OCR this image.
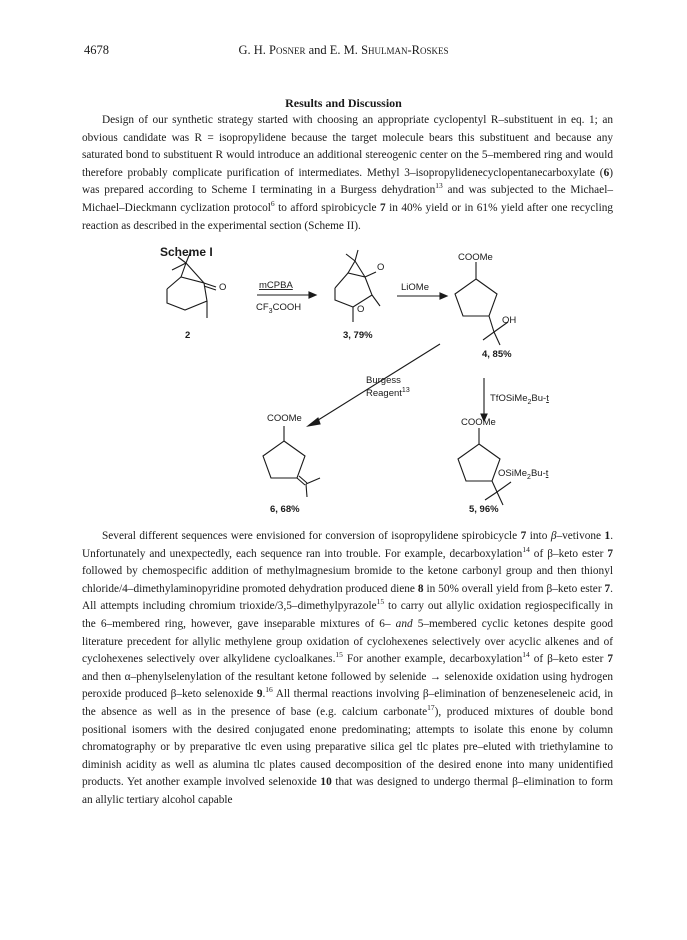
4678	G. H. Posner and E. M. Shulman-Roskes
Results and Discussion

Design of our synthetic strategy started with choosing an appropriate cyclopentyl R–substituent in eq. 1; an obvious candidate was R = isopropylidene because the target molecule bears this substituent and because any saturated bond to substituent R would introduce an additional stereogenic center on the 5–membered ring and would therefore probably complicate purification of intermediates. Methyl 3–isopropylidenecyclopentanecarboxylate (6) was prepared according to Scheme I terminating in a Burgess dehydration$^{13}$ and was subjected to the Michael–Michael–Dieckmann cyclization protocol$^6$ to afford spirobicycle 7 in 40% yield or in 61% yield after one recycling reaction as described in the experimental section (Scheme II).

Scheme I
O
O
O
mCPBA
$CF_3COOH$
LiOMe
COOMe
OH
2	3, 79%
4, 85%
Burgess
Reagent$^{13}$
TfOSiMe$_2$Bu-t
COOMe	COOMe
OSiMe$_2$Bu-t
6, 68%	5, 96%

Several different sequences were envisioned for conversion of isopropylidene spirobicycle 7 into β–vetivone 1. Unfortunately and unexpectedly, each sequence ran into trouble. For example, decarboxylation$^{14}$ of β–keto ester 7 followed by chemospecific addition of methylmagnesium bromide to the ketone carbonyl group and then thionyl chloride/4–dimethylaminopyridine promoted dehydration produced diene 8 in 50% overall yield from β–keto ester 7. All attempts including chromium trioxide/3,5–dimethylpyrazole$^{15}$ to carry out allylic oxidation regiospecifically in the 6–membered ring, however, gave inseparable mixtures of 6– and 5–membered cyclic ketones despite good literature precedent for allylic methylene group oxidation of cyclohexenes selectively over acyclic alkenes and of cyclohexenes selectively over alkylidene cycloalkanes.$^{15}$ For another example, decarboxylation$^{14}$ of β–keto ester 7 and then α–phenylselenylation of the resultant ketone followed by selenide → selenoxide oxidation using hydrogen peroxide produced β–keto selenoxide 9.16 All thermal reactions involving β–elimination of benzeneseleneic acid, in the absence as well as in the presence of base (e.g. calcium carbonate$^{17}$), produced mixtures of double bond positional isomers with the desired conjugated enone predominating; attempts to isolate this enone by column chromatography or by preparative tlc even using preparative silica gel tlc plates pre–eluted with triethylamine to diminish acidity as well as alumina tlc plates caused decomposition of the desired enone into many unidentified products. Yet another example involved selenoxide 10 that was designed to undergo thermal β–elimination to form an allylic tertiary alcohol capable
